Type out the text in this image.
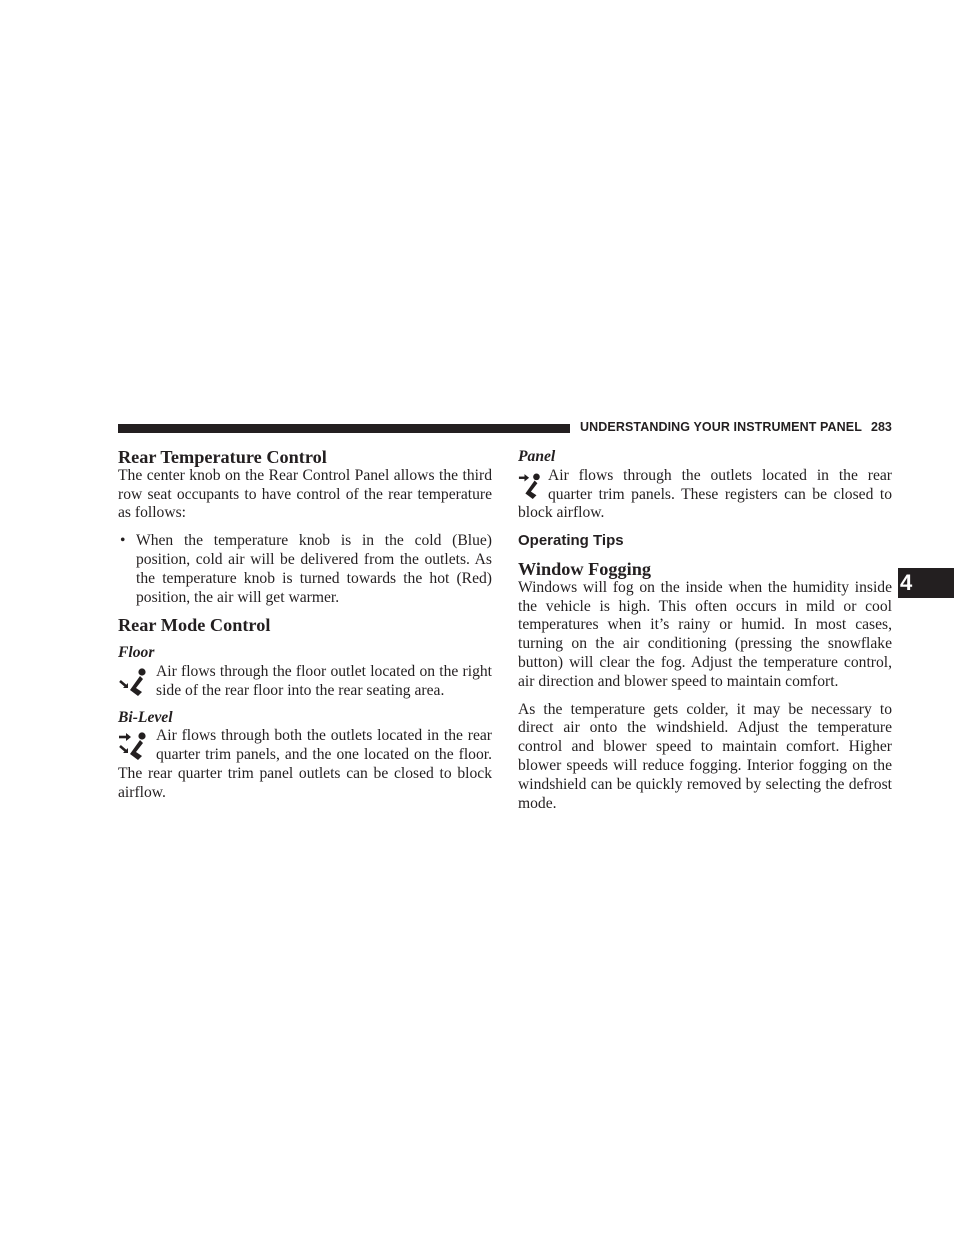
UNDERSTANDING YOUR INSTRUMENT PANEL 283
4
Rear Temperature Control

The center knob on the Rear Control Panel allows the third row seat occupants to have control of the rear temperature as follows:

• When the temperature knob is in the cold (Blue) position, cold air will be delivered from the outlets. As the temperature knob is turned towards the hot (Red) position, the air will get warmer.
Rear Mode Control
Floor
Air flows through the floor outlet located on the right side of the rear floor into the rear seating area.
Bi-Level
Air flows through both the outlets located in the rear quarter trim panels, and the one located on the floor. The rear quarter trim panel outlets can be closed to block airflow.
Panel
Air flows through the outlets located in the rear quarter trim panels. These registers can be closed to block airflow.
Operating Tips
Window Fogging

Windows will fog on the inside when the humidity inside the vehicle is high. This often occurs in mild or cool temperatures when it’s rainy or humid. In most cases, turning on the air conditioning (pressing the snowflake button) will clear the fog. Adjust the temperature control, air direction and blower speed to maintain comfort.

As the temperature gets colder, it may be necessary to direct air onto the windshield. Adjust the temperature control and blower speed to maintain comfort. Higher blower speeds will reduce fogging. Interior fogging on the windshield can be quickly removed by selecting the defrost mode.
